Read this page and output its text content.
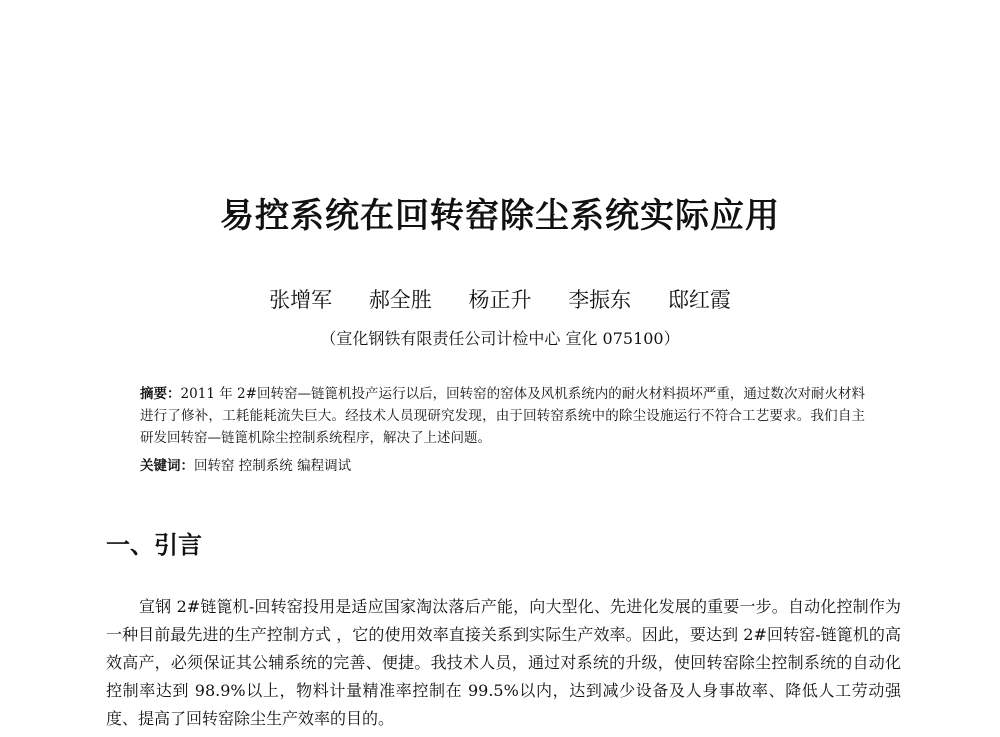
易控系统在回转窑除尘系统实际应用
张增军 郝全胜 杨正升 李振东 邸红霞
（宣化钢铁有限责任公司计检中心 宣化 075100）
摘要：2011 年 2#回转窑—链篦机投产运行以后，回转窑的窑体及风机系统内的耐火材料损坏严重，通过数次对耐火材料进行了修补，工耗能耗流失巨大。经技术人员现研究发现，由于回转窑系统中的除尘设施运行不符合工艺要求。我们自主研发回转窑—链篦机除尘控制系统程序，解决了上述问题。
关键词：回转窑 控制系统 编程调试
一、引言
宣钢 2#链篦机-回转窑投用是适应国家淘汰落后产能，向大型化、先进化发展的重要一步。自动化控制作为一种目前最先进的生产控制方式 ，它的使用效率直接关系到实际生产效率。因此，要达到 2#回转窑-链篦机的高效高产，必须保证其公辅系统的完善、便捷。我技术人员，通过对系统的升级，使回转窑除尘控制系统的自动化控制率达到 98.9%以上，物料计量精准率控制在 99.5%以内，达到减少设备及人身事故率、降低人工劳动强度、提高了回转窑除尘生产效率的目的。
